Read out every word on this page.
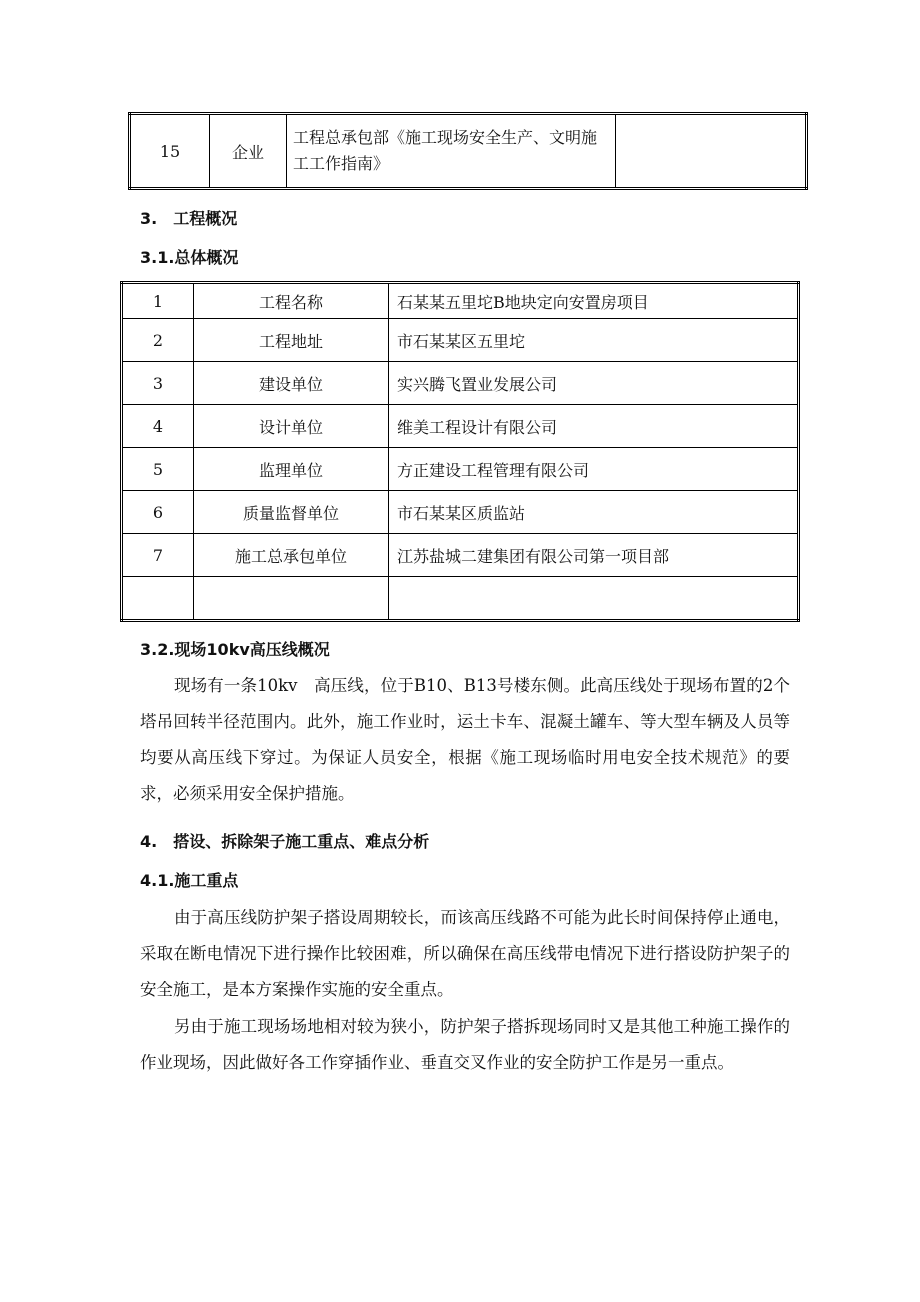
15	企业	工程总承包部《施工现场安全生产、文明施工工作指南》	
3.　工程概况
3.1.总体概况
1	工程名称	石某某五里坨B地块定向安置房项目
2	工程地址	市石某某区五里坨
3	建设单位	实兴腾飞置业发展公司
4	设计单位	维美工程设计有限公司
5	监理单位	方正建设工程管理有限公司
6	质量监督单位	市石某某区质监站
7	施工总承包单位	江苏盐城二建集团有限公司第一项目部

3.2.现场10kv高压线概况
现场有一条10kv　高压线，位于B10、B13号楼东侧。此高压线处于现场布置的2个塔吊回转半径范围内。此外，施工作业时，运土卡车、混凝土罐车、等大型车辆及人员等均要从高压线下穿过。为保证人员安全，根据《施工现场临时用电安全技术规范》的要求，必须采用安全保护措施。
4.　搭设、拆除架子施工重点、难点分析
4.1.施工重点
由于高压线防护架子搭设周期较长，而该高压线路不可能为此长时间保持停止通电，采取在断电情况下进行操作比较困难，所以确保在高压线带电情况下进行搭设防护架子的安全施工，是本方案操作实施的安全重点。
另由于施工现场场地相对较为狭小，防护架子搭拆现场同时又是其他工种施工操作的作业现场，因此做好各工作穿插作业、垂直交叉作业的安全防护工作是另一重点。
